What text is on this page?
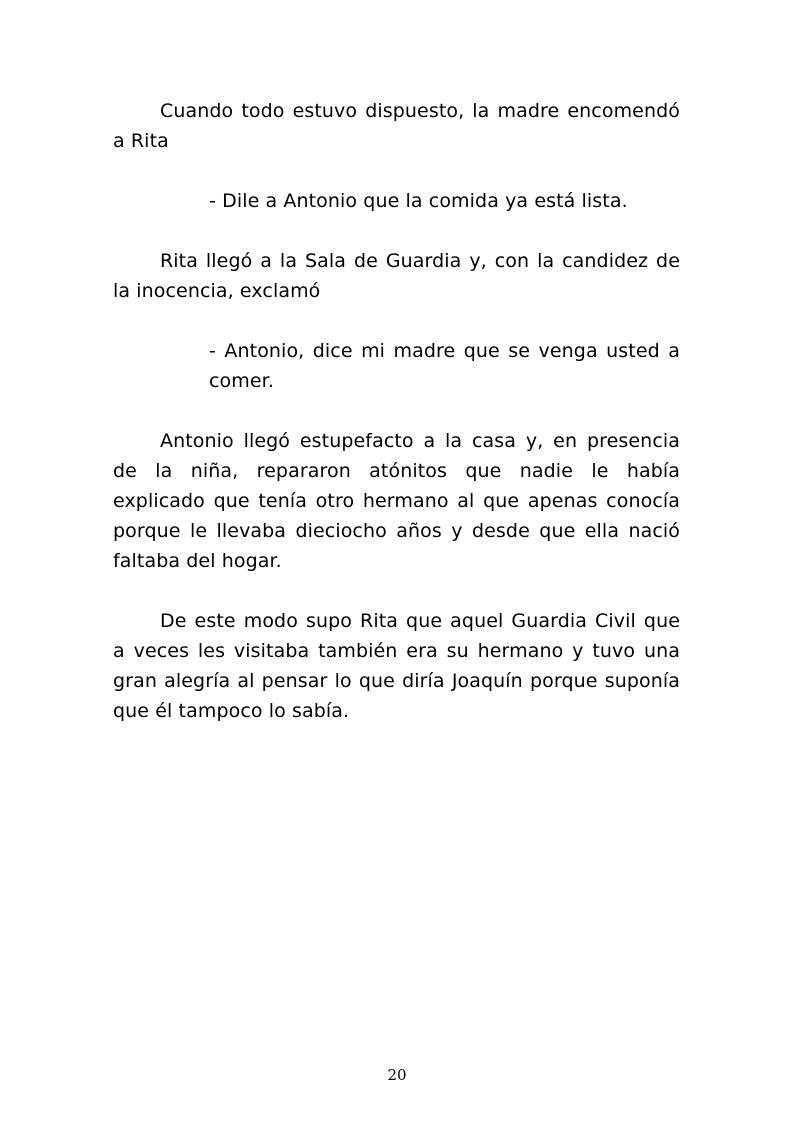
Cuando todo estuvo dispuesto, la madre encomendó a Rita

- Dile a Antonio que la comida ya está lista.

Rita llegó a la Sala de Guardia y, con la candidez de la inocencia, exclamó

- Antonio, dice mi madre que se venga usted a comer.

Antonio llegó estupefacto a la casa y, en presencia de la niña, repararon atónitos que nadie le había explicado que tenía otro hermano al que apenas conocía porque le llevaba dieciocho años y desde que ella nació faltaba del hogar.

De este modo supo Rita que aquel Guardia Civil que a veces les visitaba también era su hermano y tuvo una gran alegría al pensar lo que diría Joaquín porque suponía que él tampoco lo sabía.

20
